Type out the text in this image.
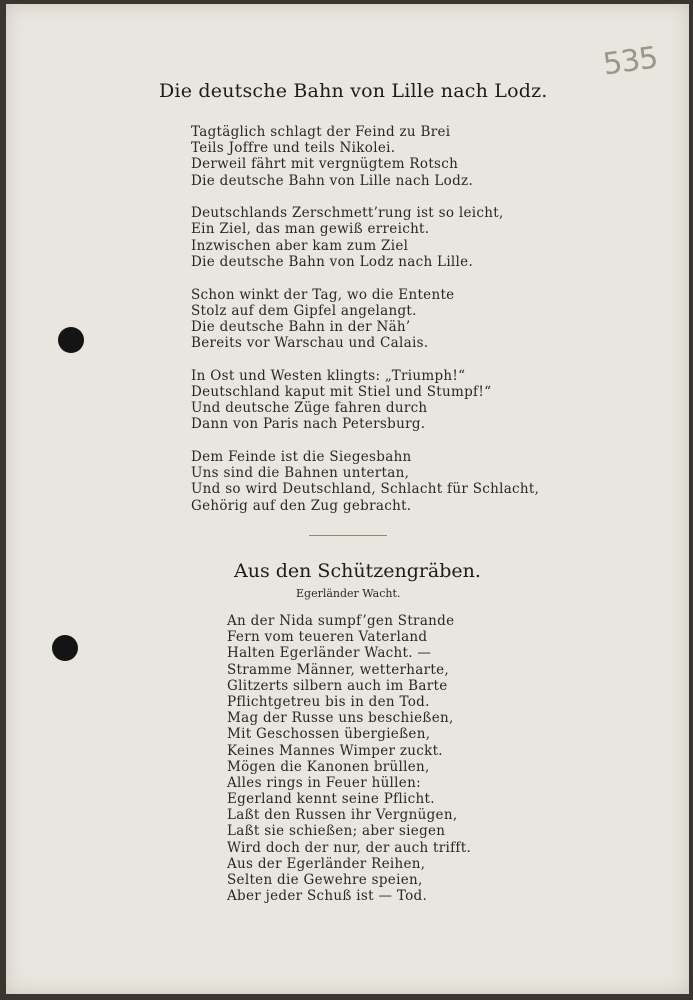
535
Die deutsche Bahn von Lille nach Lodz.
Tagtäglich schlagt der Feind zu Brei
Teils Joffre und teils Nikolei.
Derweil fährt mit vergnügtem Rotsch
Die deutsche Bahn von Lille nach Lodz.
Deutschlands Zerschmett’rung ist so leicht,
Ein Ziel, das man gewiß erreicht.
Inzwischen aber kam zum Ziel
Die deutsche Bahn von Lodz nach Lille.
Schon winkt der Tag, wo die Entente
Stolz auf dem Gipfel angelangt.
Die deutsche Bahn in der Näh’
Bereits vor Warschau und Calais.
In Ost und Westen klingts: „Triumph!“
Deutschland kaput mit Stiel und Stumpf!“
Und deutsche Züge fahren durch
Dann von Paris nach Petersburg.
Dem Feinde ist die Siegesbahn
Uns sind die Bahnen untertan,
Und so wird Deutschland, Schlacht für Schlacht,
Gehörig auf den Zug gebracht.
Aus den Schützengräben.
Egerländer Wacht.
An der Nida sumpf’gen Strande
Fern vom teueren Vaterland
Halten Egerländer Wacht. —
Stramme Männer, wetterharte,
Glitzerts silbern auch im Barte
Pflichtgetreu bis in den Tod.
Mag der Russe uns beschießen,
Mit Geschossen übergießen,
Keines Mannes Wimper zuckt.
Mögen die Kanonen brüllen,
Alles rings in Feuer hüllen:
Egerland kennt seine Pflicht.
Laßt den Russen ihr Vergnügen,
Laßt sie schießen; aber siegen
Wird doch der nur, der auch trifft.
Aus der Egerländer Reihen,
Selten die Gewehre speien,
Aber jeder Schuß ist — Tod.
